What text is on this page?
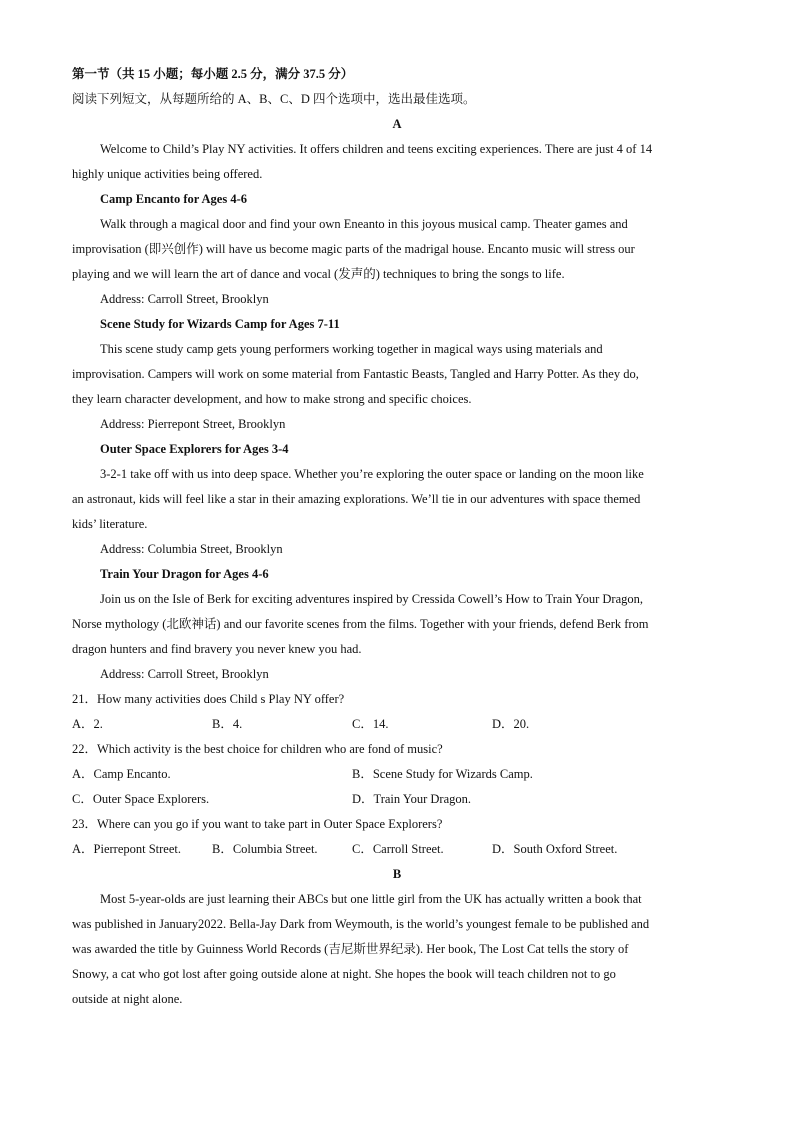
第一节（共 15 小题；每小题 2.5 分，满分 37.5 分）
阅读下列短文，从每题所给的 A、B、C、D 四个选项中，选出最佳选项。
A
Welcome to Child’s Play NY activities. It offers children and teens exciting experiences. There are just 4 of 14
highly unique activities being offered.
Camp Encanto for Ages 4-6
Walk through a magical door and find your own Eneanto in this joyous musical camp. Theater games and
improvisation (即兴创作) will have us become magic parts of the madrigal house. Encanto music will stress our
playing and we will learn the art of dance and vocal (发声的) techniques to bring the songs to life.
Address: Carroll Street, Brooklyn
Scene Study for Wizards Camp for Ages 7-11
This scene study camp gets young performers working together in magical ways using materials and
improvisation. Campers will work on some material from Fantastic Beasts, Tangled and Harry Potter. As they do,
they learn character development, and how to make strong and specific choices.
Address: Pierrepont Street, Brooklyn
Outer Space Explorers for Ages 3-4
3-2-1 take off with us into deep space. Whether you’re exploring the outer space or landing on the moon like
an astronaut, kids will feel like a star in their amazing explorations. We’ll tie in our adventures with space themed
kids’ literature.
Address: Columbia Street, Brooklyn
Train Your Dragon for Ages 4-6
Join us on the Isle of Berk for exciting adventures inspired by Cressida Cowell’s How to Train Your Dragon,
Norse mythology (北欧神话) and our favorite scenes from the films. Together with your friends, defend Berk from
dragon hunters and find bravery you never knew you had.
Address: Carroll Street, Brooklyn
21．How many activities does Child s Play NY offer?
A．2.	B．4.	C．14.	D．20.
22．Which activity is the best choice for children who are fond of music?
A．Camp Encanto.	B．Scene Study for Wizards Camp.
C．Outer Space Explorers.	D．Train Your Dragon.
23．Where can you go if you want to take part in Outer Space Explorers?
A．Pierrepont Street.	B．Columbia Street.	C．Carroll Street.	D．South Oxford Street.
B
Most 5-year-olds are just learning their ABCs but one little girl from the UK has actually written a book that
was published in January2022. Bella-Jay Dark from Weymouth, is the world’s youngest female to be published and
was awarded the title by Guinness World Records (吉尼斯世界纪录). Her book, The Lost Cat tells the story of
Snowy, a cat who got lost after going outside alone at night. She hopes the book will teach children not to go
outside at night alone.
